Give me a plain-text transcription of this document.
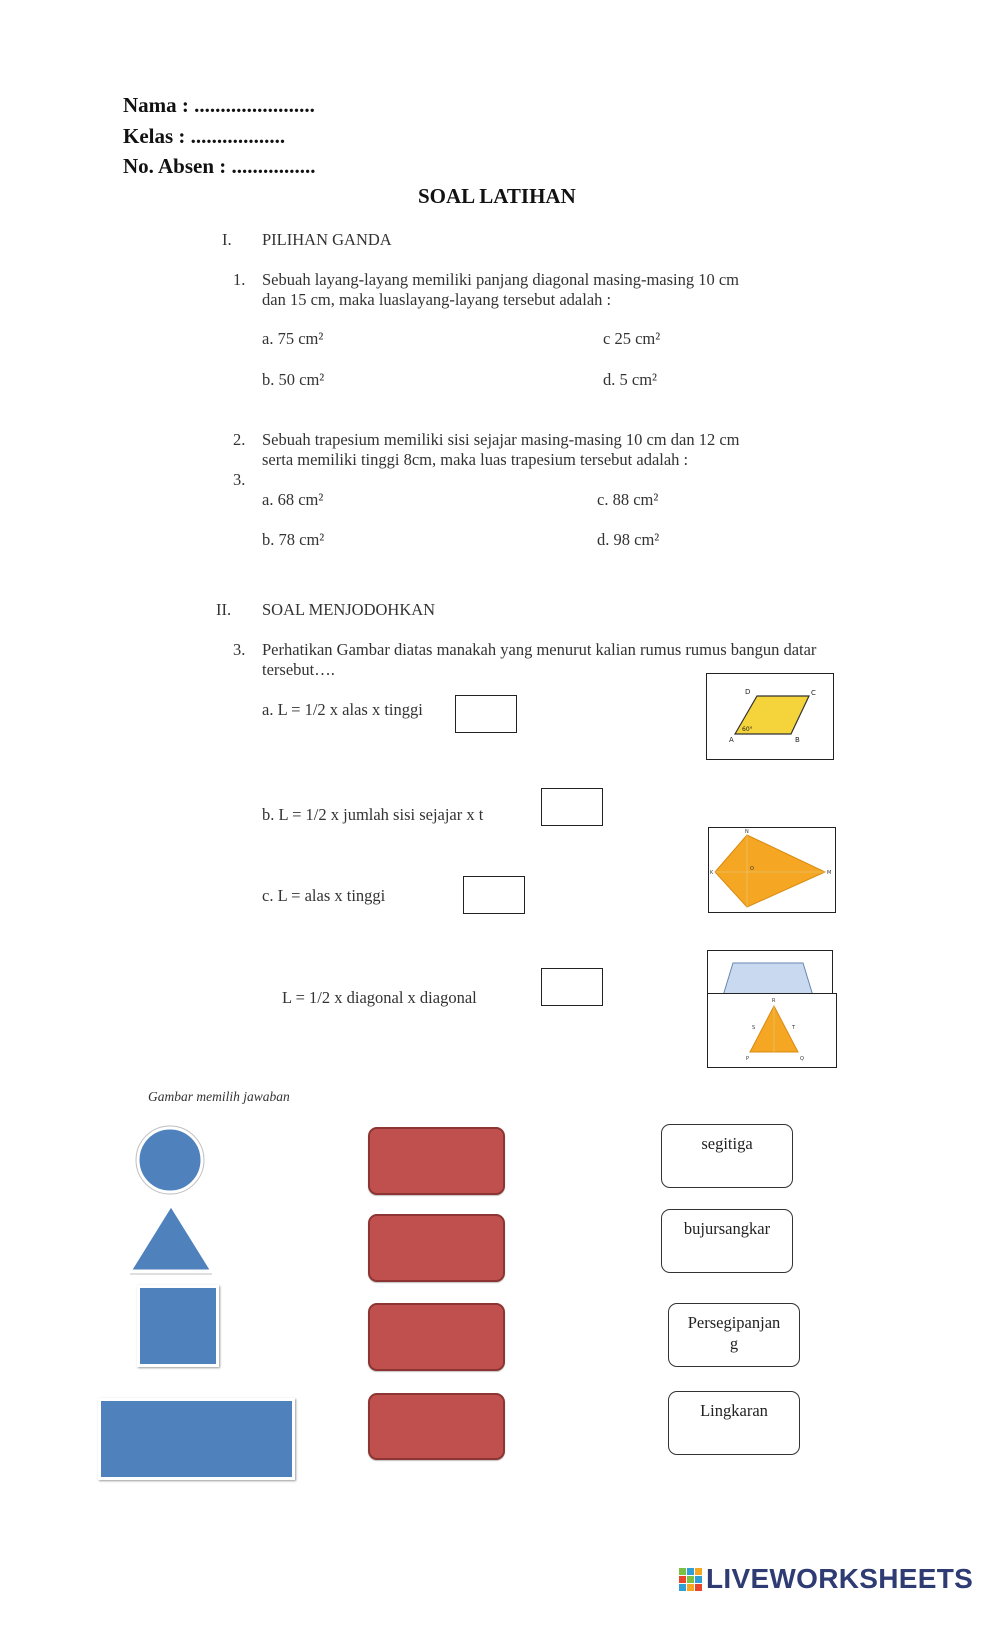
Nama : .......................
Kelas : ..................
No. Absen : ................
SOAL LATIHAN
I. PILIHAN GANDA
1. Sebuah layang-layang memiliki panjang diagonal masing-masing 10 cm
dan 15 cm, maka luaslayang-layang tersebut adalah :
a. 75 cm²	c 25 cm²
b. 50 cm²	d. 5 cm²
2. Sebuah trapesium memiliki sisi sejajar masing-masing 10 cm dan 12 cm
serta memiliki tinggi 8cm, maka luas trapesium tersebut adalah :
3.
a. 68 cm²	c. 88 cm²
b. 78 cm²	d. 98 cm²
II. SOAL MENJODOHKAN
3. Perhatikan Gambar diatas manakah yang menurut kalian rumus rumus bangun datar
tersebut….
a. L = 1/2 x alas x tinggi
b. L = 1/2 x jumlah sisi sejajar x t
c. L = alas x tinggi
L = 1/2 x diagonal x diagonal
D	C
A	B
60°
N
K	M
O
R
S	T
P	Q
Gambar memilih jawaban
segitiga
bujursangkar
Persegipanjan g
Lingkaran
LIVEWORKSHEETS
